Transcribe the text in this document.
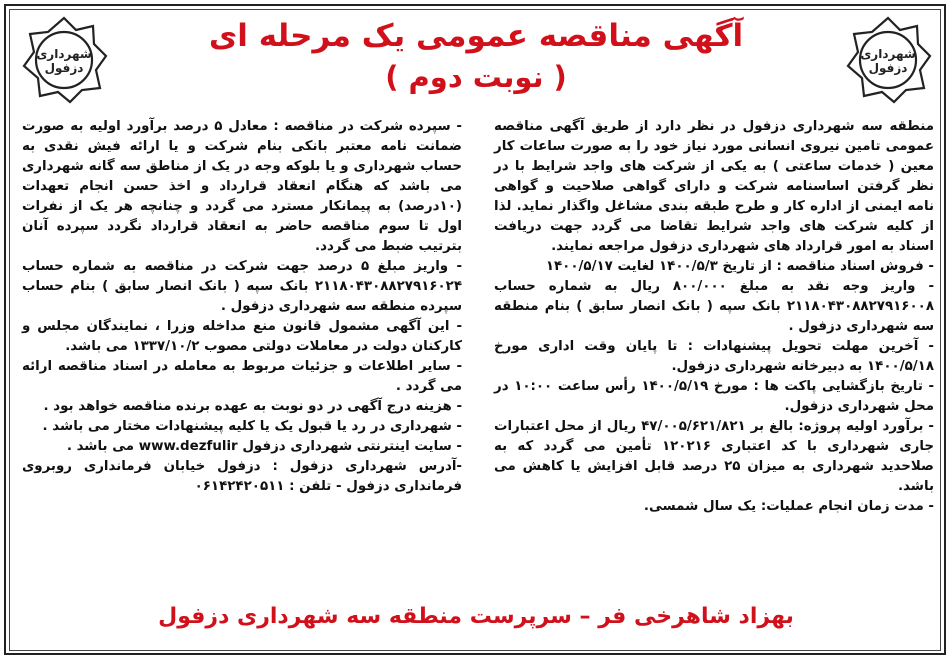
شهرداری
دزفول
شهرداری
دزفول
آگهی مناقصه عمومی یک مرحله ای
( نوبت دوم )

منطقه سه شهرداری دزفول در نظر دارد از طریق آگهی مناقصه عمومی تامین نیروی انسانی مورد نیاز خود را به صورت ساعات کار معین ( خدمات ساعتی ) به یکی از شرکت های واجد شرایط با در نظر گرفتن اساسنامه شرکت و دارای گواهی صلاحیت و گواهی نامه ایمنی از اداره کار و طرح طبقه بندی مشاغل واگذار نماید. لذا از کلیه شرکت های واجد شرایط تقاضا می گردد جهت دریافت اسناد به امور قرارداد های شهرداری دزفول مراجعه نمایند.

- فروش اسناد مناقصه : از تاریخ ۱۴۰۰/۵/۳ لغایت ۱۴۰۰/۵/۱۷

- واریز وجه نقد به مبلغ ۸۰۰/۰۰۰ ریال به شماره حساب ۲۱۱۸۰۴۳۰۸۸۲۷۹۱۶۰۰۸ بانک سپه ( بانک انصار سابق ) بنام منطقه سه شهرداری دزفول .

- آخرین مهلت تحویل پیشنهادات : تا پایان وقت اداری مورخ ۱۴۰۰/۵/۱۸ به دبیرخانه شهرداری دزفول.

- تاریخ بازگشایی پاکت ها : مورخ ۱۴۰۰/۵/۱۹ رأس ساعت ۱۰:۰۰ در محل شهرداری دزفول.

- برآورد اولیه پروژه: بالغ بر ۴۷/۰۰۵/۶۲۱/۸۲۱ ریال از محل اعتبارات جاری شهرداری با کد اعتباری ۱۲۰۲۱۶ تأمین می گردد که به صلاحدید شهرداری به میزان ۲۵ درصد قابل افزایش یا کاهش می باشد.

- مدت زمان انجام عملیات: یک سال شمسی.

- سپرده شرکت در مناقصه : معادل ۵ درصد برآورد اولیه به صورت ضمانت نامه معتبر بانکی بنام شرکت و یا ارائه فیش نقدی به حساب شهرداری و یا بلوکه وجه در یک از مناطق سه گانه شهرداری می باشد که هنگام انعقاد قرارداد و اخذ حسن انجام تعهدات (۱۰درصد) به پیمانکار مسترد می گردد و چنانچه هر یک از نفرات اول تا سوم مناقصه حاضر به انعقاد قرارداد نگردد سپرده آنان بترتیب ضبط می گردد.

- واریز مبلغ ۵ درصد جهت شرکت در مناقصه به شماره حساب ۲۱۱۸۰۴۳۰۸۸۲۷۹۱۶۰۲۴ بانک سپه ( بانک انصار سابق ) بنام حساب سپرده منطقه سه شهرداری دزفول .

- این آگهی مشمول قانون منع مداخله وزرا ، نمایندگان مجلس و کارکنان دولت در معاملات دولتی مصوب ۱۳۳۷/۱۰/۲ می باشد.

- سایر اطلاعات و جزئیات مربوط به معامله در اسناد مناقصه ارائه می گردد .

- هزینه درج آگهی در دو نوبت به عهده برنده مناقصه خواهد بود .

- شهرداری در رد یا قبول یک یا کلیه پیشنهادات مختار می باشد .

- سایت اینترنتی شهرداری دزفول www.dezfulir می باشد .

-آدرس شهرداری دزفول : دزفول خیابان فرمانداری روبروی فرمانداری دزفول - تلفن : ۰۶۱۴۲۴۲۰۵۱۱

بهزاد شاهرخی فر – سرپرست منطقه سه شهرداری دزفول
